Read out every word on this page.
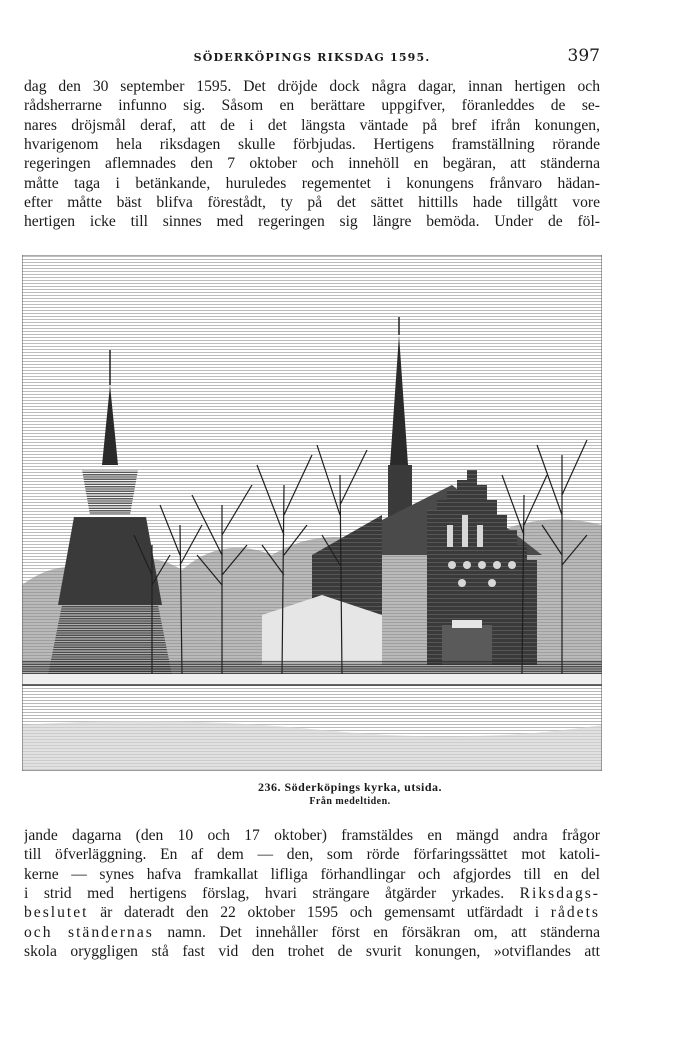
SÖDERKÖPINGS RIKSDAG 1595.	397
dag den 30 september 1595. Det dröjde dock några dagar, innan hertigen och
rådsherrarne infunno sig. Såsom en berättare uppgifver, föranleddes de se-
nares dröjsmål deraf, att de i det längsta väntade på bref ifrån konungen,
hvarigenom hela riksdagen skulle förbjudas. Hertigens framställning rörande
regeringen aflemnades den 7 oktober och innehöll en begäran, att ständerna
måtte taga i betänkande, huruledes regementet i konungens frånvaro hädan-
efter måtte bäst blifva förestådt, ty på det sättet hittills hade tillgått vore
hertigen icke till sinnes med regeringen sig längre bemöda. Under de föl-
236. Söderköpings kyrka, utsida.
Från medeltiden.
jande dagarna (den 10 och 17 oktober) framstäldes en mängd andra frågor
till öfverläggning. En af dem — den, som rörde förfaringssättet mot katoli-
kerne — synes hafva framkallat lifliga förhandlingar och afgjordes till en del
i strid med hertigens förslag, hvari strängare åtgärder yrkades. Riksdags-
beslutet är dateradt den 22 oktober 1595 och gemensamt utfärdadt i rådets
och ständernas namn. Det innehåller först en försäkran om, att ständerna
skola oryggligen stå fast vid den trohet de svurit konungen, »otviflandes att
